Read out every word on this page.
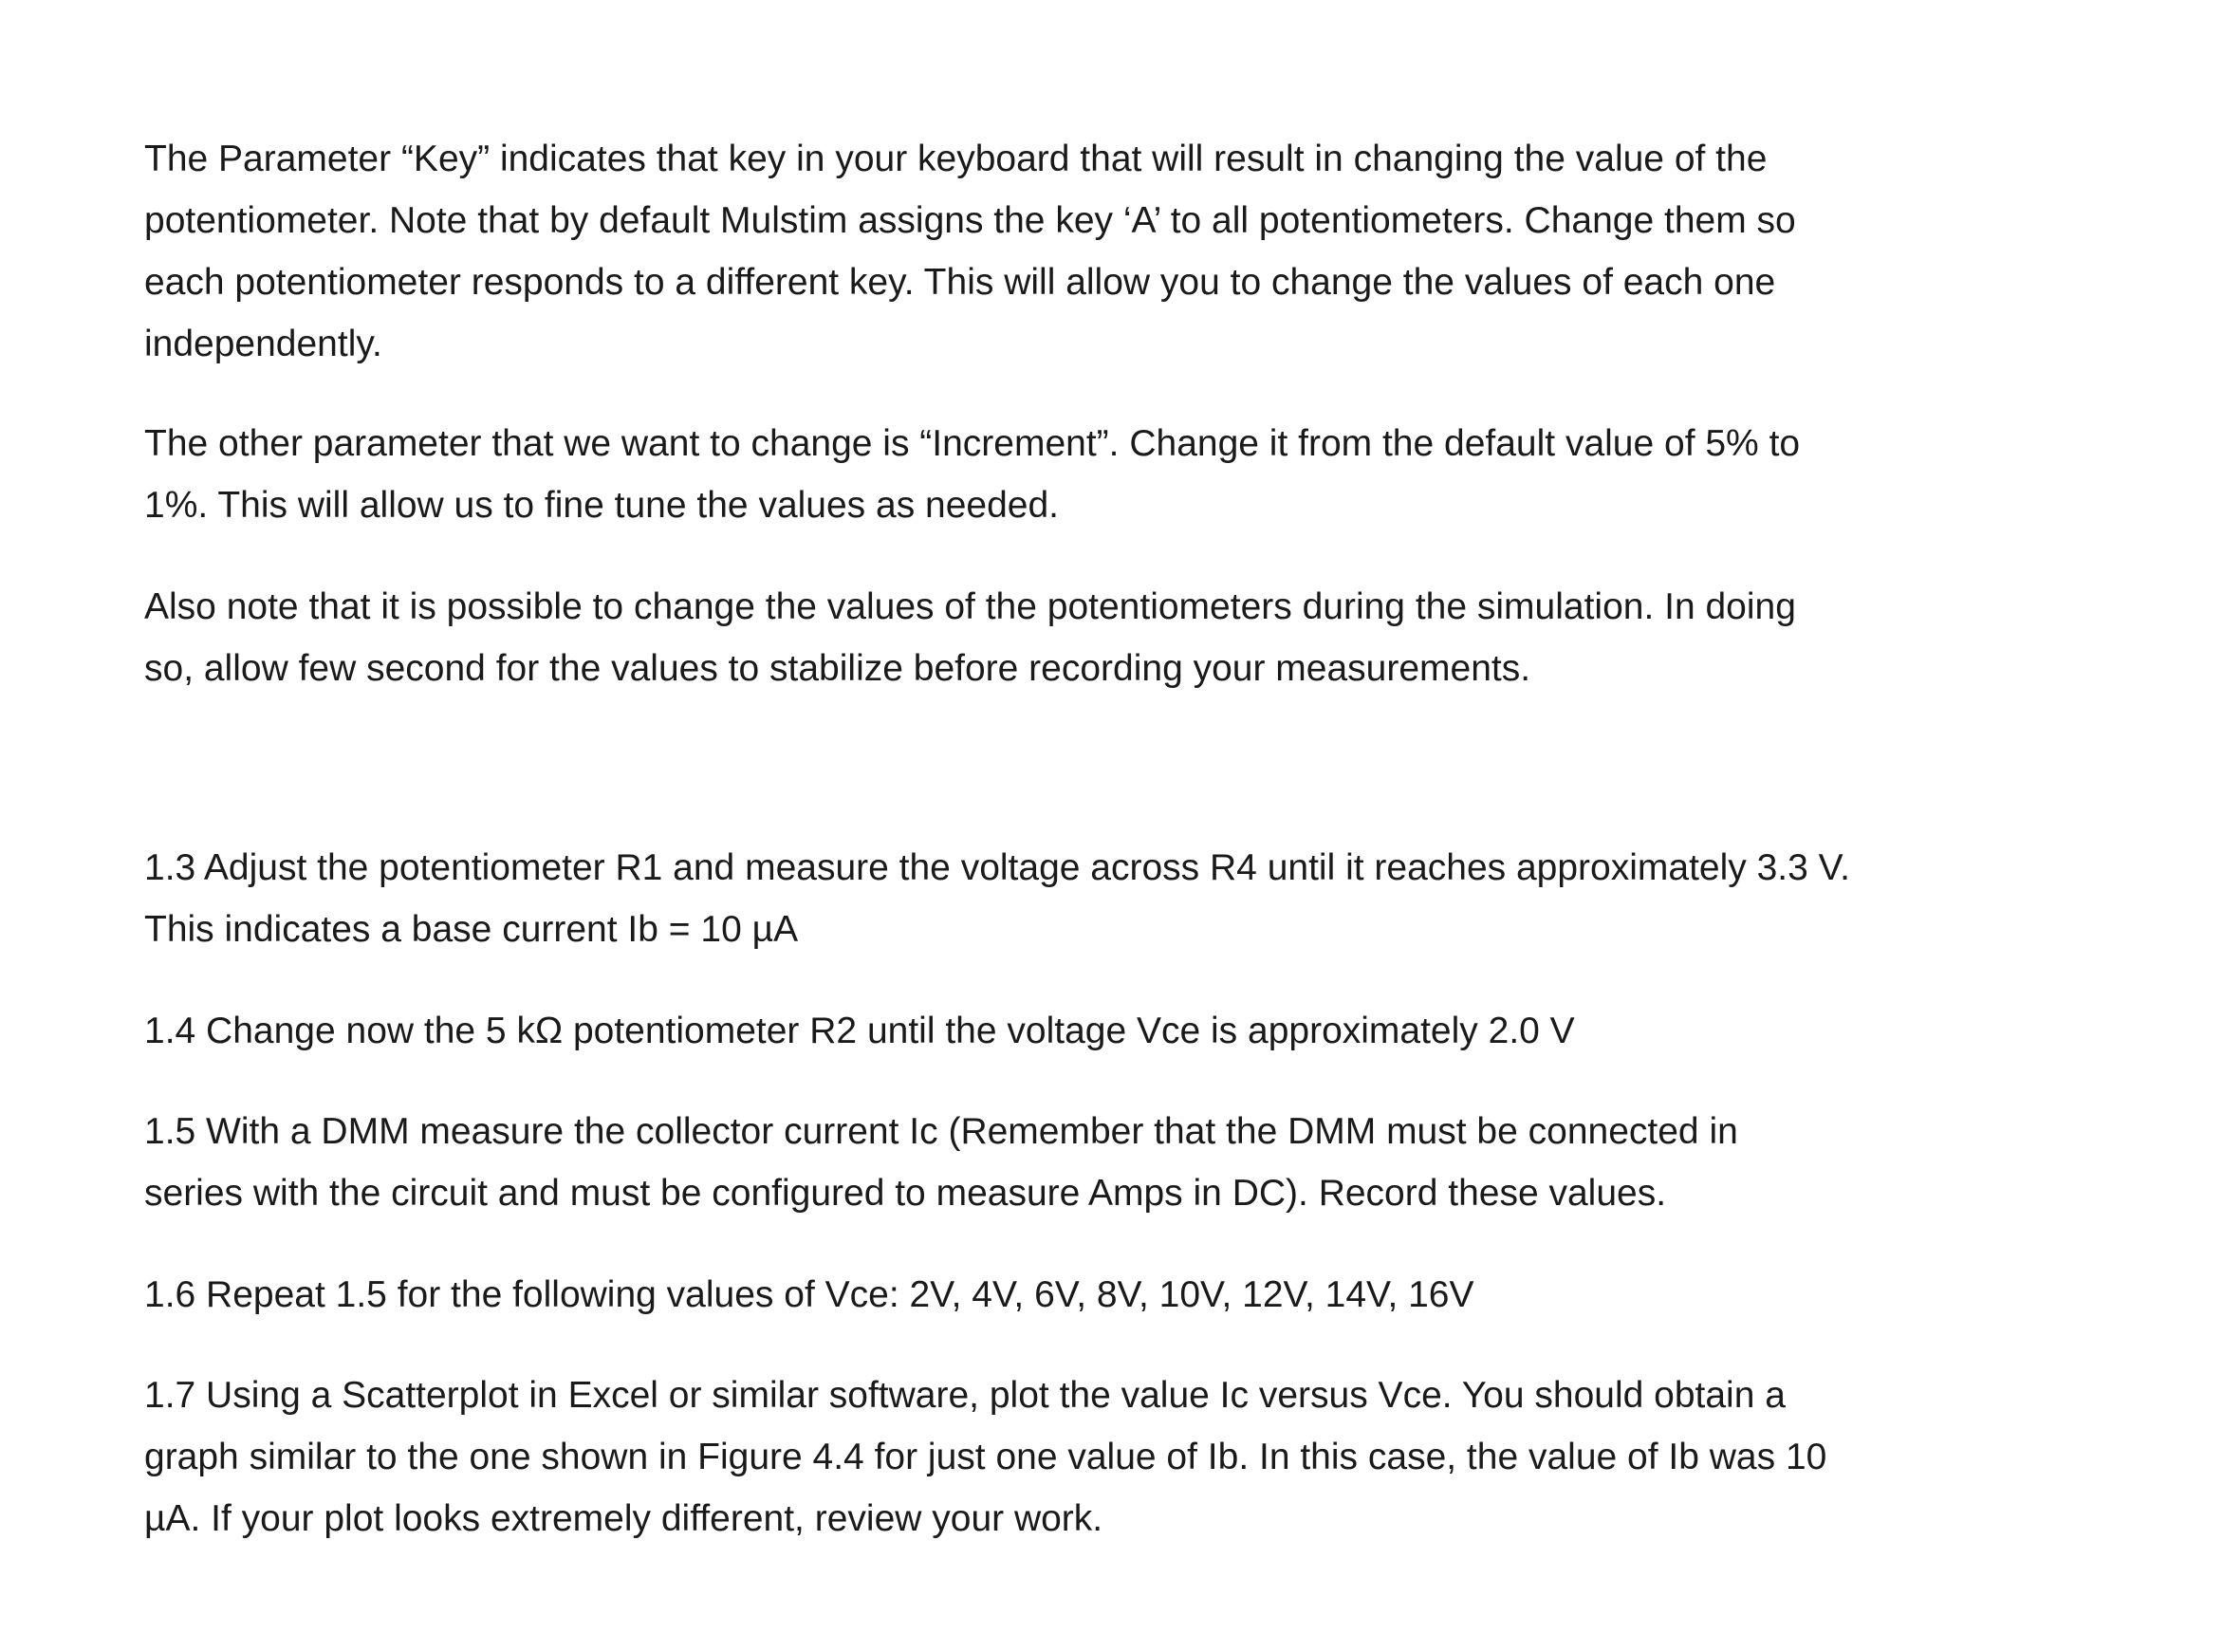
The Parameter “Key” indicates that key in your keyboard that will result in changing the value of the
potentiometer. Note that by default Mulstim assigns the key ‘A’ to all potentiometers. Change them so
each potentiometer responds to a different key. This will allow you to change the values of each one
independently.

The other parameter that we want to change is “Increment”. Change it from the default value of 5% to
1%. This will allow us to fine tune the values as needed.

Also note that it is possible to change the values of the potentiometers during the simulation. In doing
so, allow few second for the values to stabilize before recording your measurements.

1.3 Adjust the potentiometer R1 and measure the voltage across R4 until it reaches approximately 3.3 V.
This indicates a base current Ib = 10 µA

1.4 Change now the 5 kΩ potentiometer R2 until the voltage Vce is approximately 2.0 V

1.5 With a DMM measure the collector current Ic (Remember that the DMM must be connected in
series with the circuit and must be configured to measure Amps in DC). Record these values.

1.6 Repeat 1.5 for the following values of Vce: 2V, 4V, 6V, 8V, 10V, 12V, 14V, 16V

1.7 Using a Scatterplot in Excel or similar software, plot the value Ic versus Vce. You should obtain a
graph similar to the one shown in Figure 4.4 for just one value of Ib. In this case, the value of Ib was 10
µA. If your plot looks extremely different, review your work.
